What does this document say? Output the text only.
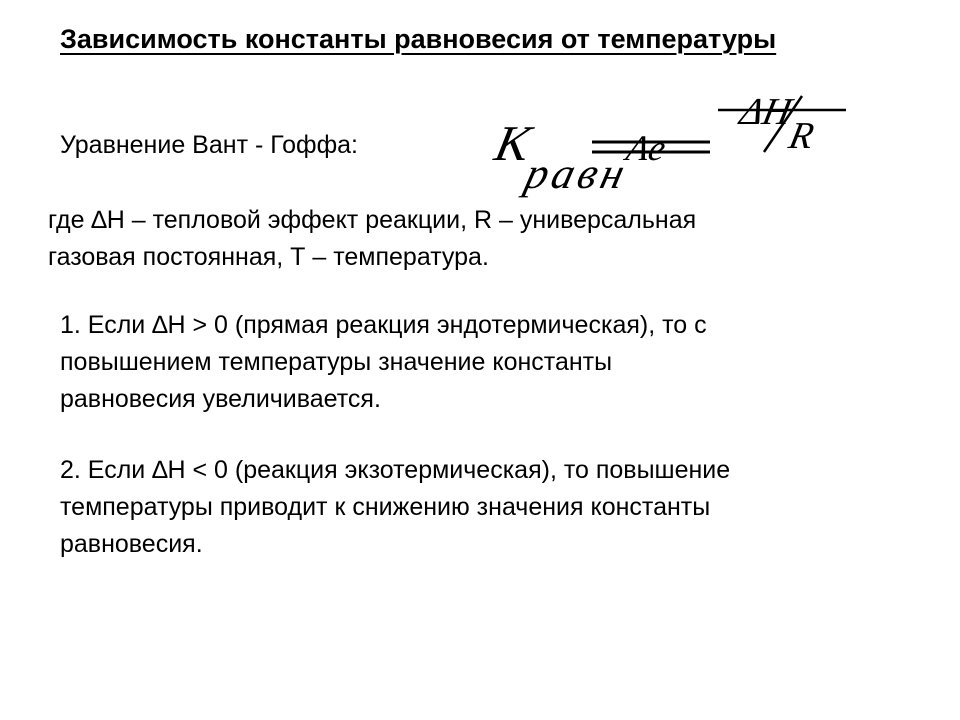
Зависимость константы равновесия от температуры
Уравнение Вант - Гоффа:	K
равн
Ae
ΔH
R
где ∆H – тепловой эффект реакции, R – универсальная
газовая постоянная, Т – температура.
1. Если ∆H > 0 (прямая реакция эндотермическая), то с
повышением температуры значение константы
равновесия увеличивается.
2. Если ∆H < 0 (реакция экзотермическая), то повышение
температуры приводит к снижению значения константы
равновесия.
